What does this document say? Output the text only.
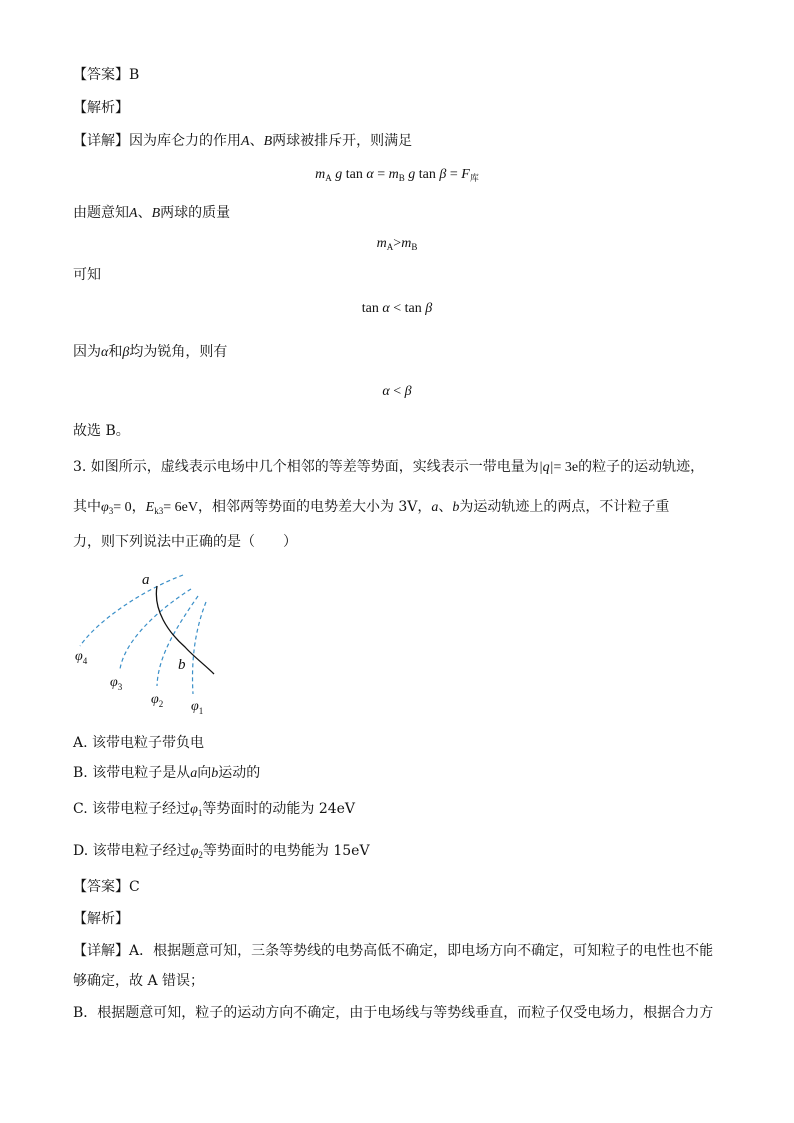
【答案】B
【解析】
【详解】因为库仑力的作用A、B两球被排斥开，则满足
$m_A$ g $\tan \alpha = m_B$ g $\tan \beta = F_库$
由题意知A、B两球的质量
$m_A>m_B$
可知
tan α < tan β
因为α和β均为锐角，则有
α < β
故选 B。
3. 如图所示，虚线表示电场中几个相邻的等差等势面，实线表示一带电量为|q|= 3e的粒子的运动轨迹，
其中$\varphi_3= 0$，$E_{k3}= 6eV$，相邻两等势面的电势差大小为 3V，a、b为运动轨迹上的两点，不计粒子重
力，则下列说法中正确的是（　　）
a
b
$\varphi_4$
$\varphi_3$
$\varphi_2$ $\varphi_1$
A. 该带电粒子带负电
B. 该带电粒子是从a向b运动的
C. 该带电粒子经过$\varphi_1$等势面时的动能为 24eV
D. 该带电粒子经过$\varphi_2$等势面时的电势能为 15eV
【答案】C
【解析】
【详解】A．根据题意可知，三条等势线的电势高低不确定，即电场方向不确定，可知粒子的电性也不能
够确定，故 A 错误；
B．根据题意可知，粒子的运动方向不确定，由于电场线与等势线垂直，而粒子仅受电场力，根据合力方
